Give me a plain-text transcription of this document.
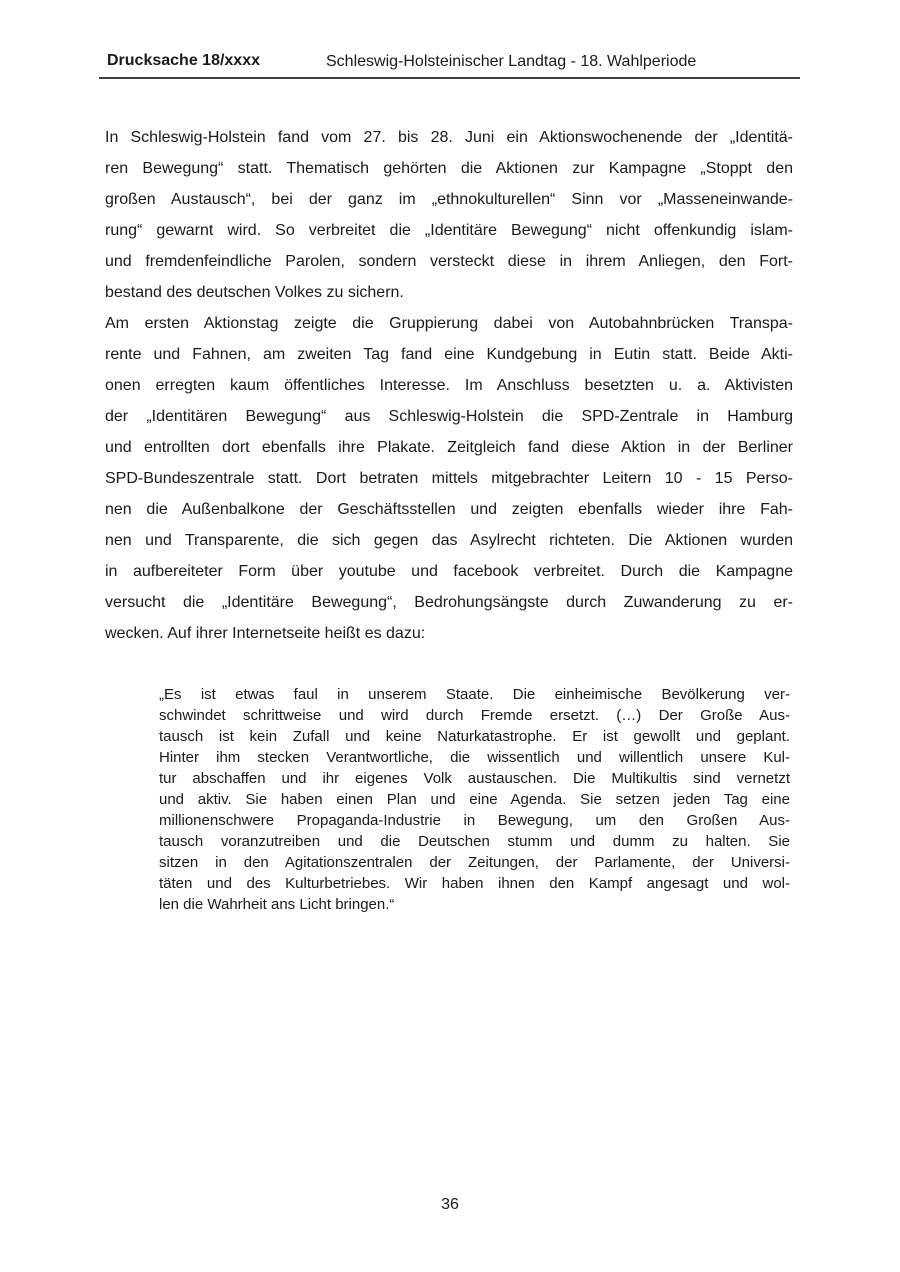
Drucksache 18/xxxx	Schleswig-Holsteinischer Landtag - 18. Wahlperiode
In Schleswig-Holstein fand vom 27. bis 28. Juni ein Aktionswochenende der „Identitä-
ren Bewegung“ statt. Thematisch gehörten die Aktionen zur Kampagne „Stoppt den
großen Austausch“, bei der ganz im „ethnokulturellen“ Sinn vor „Masseneinwande-
rung“ gewarnt wird. So verbreitet die „Identitäre Bewegung“ nicht offenkundig islam-
und fremdenfeindliche Parolen, sondern versteckt diese in ihrem Anliegen, den Fort-
bestand des deutschen Volkes zu sichern.
Am ersten Aktionstag zeigte die Gruppierung dabei von Autobahnbrücken Transpa-
rente und Fahnen, am zweiten Tag fand eine Kundgebung in Eutin statt. Beide Akti-
onen erregten kaum öffentliches Interesse. Im Anschluss besetzten u. a. Aktivisten
der „Identitären Bewegung“ aus Schleswig-Holstein die SPD-Zentrale in Hamburg
und entrollten dort ebenfalls ihre Plakate. Zeitgleich fand diese Aktion in der Berliner
SPD-Bundeszentrale statt. Dort betraten mittels mitgebrachter Leitern 10 - 15 Perso-
nen die Außenbalkone der Geschäftsstellen und zeigten ebenfalls wieder ihre Fah-
nen und Transparente, die sich gegen das Asylrecht richteten. Die Aktionen wurden
in aufbereiteter Form über youtube und facebook verbreitet. Durch die Kampagne
versucht die „Identitäre Bewegung“, Bedrohungsängste durch Zuwanderung zu er-
wecken. Auf ihrer Internetseite heißt es dazu:
„Es ist etwas faul in unserem Staate. Die einheimische Bevölkerung ver-
schwindet schrittweise und wird durch Fremde ersetzt. (…) Der Große Aus-
tausch ist kein Zufall und keine Naturkatastrophe. Er ist gewollt und geplant.
Hinter ihm stecken Verantwortliche, die wissentlich und willentlich unsere Kul-
tur abschaffen und ihr eigenes Volk austauschen. Die Multikultis sind vernetzt
und aktiv. Sie haben einen Plan und eine Agenda. Sie setzen jeden Tag eine
millionenschwere Propaganda-Industrie in Bewegung, um den Großen Aus-
tausch voranzutreiben und die Deutschen stumm und dumm zu halten. Sie
sitzen in den Agitationszentralen der Zeitungen, der Parlamente, der Universi-
täten und des Kulturbetriebes. Wir haben ihnen den Kampf angesagt und wol-
len die Wahrheit ans Licht bringen.“
36
